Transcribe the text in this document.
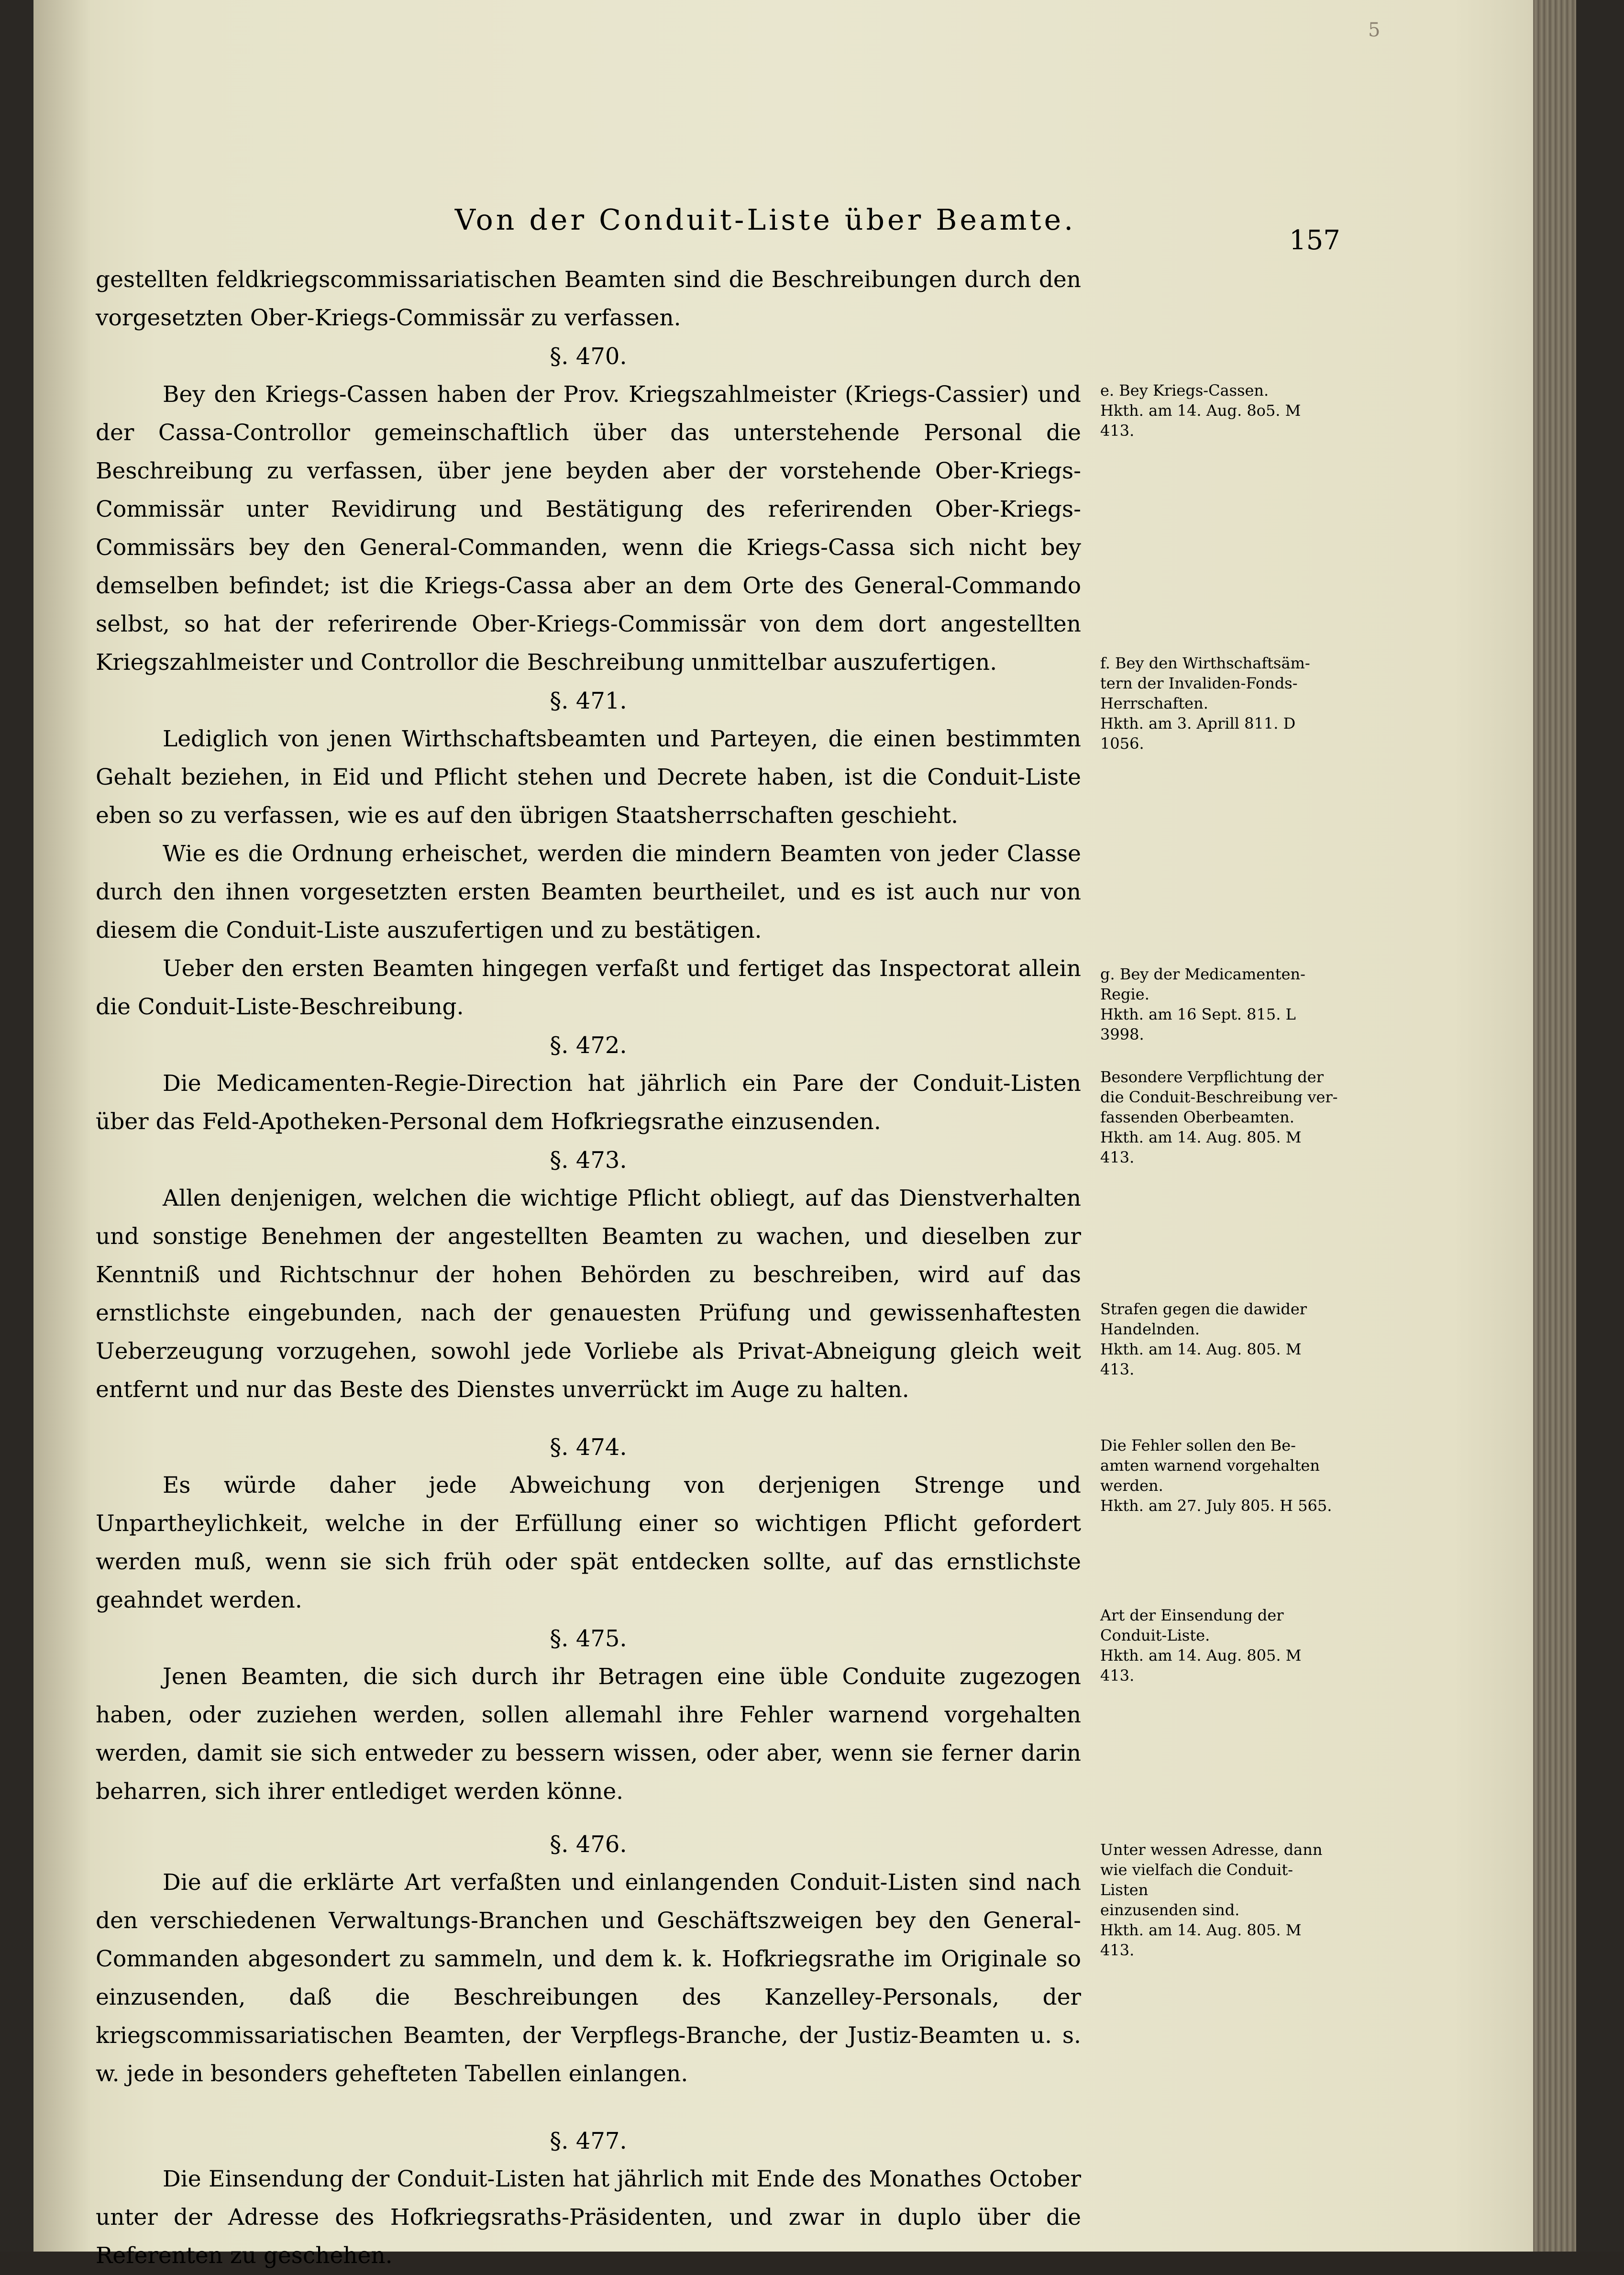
5
Von der Conduit-Liste über Beamte.
157

gestellten feldkriegscommissariatischen Beamten sind die Beschreibungen durch den vorgesetzten Ober-Kriegs-Commissär zu verfassen.

§. 470.

Bey den Kriegs-Cassen haben der Prov. Kriegszahlmeister (Kriegs-Cassier) und der Cassa-Controllor gemeinschaftlich über das unterstehende Personal die Beschreibung zu verfassen, über jene beyden aber der vorstehende Ober-Kriegs-Commissär unter Revidirung und Bestätigung des referirenden Ober-Kriegs-Commissärs bey den General-Commanden, wenn die Kriegs-Cassa sich nicht bey demselben befindet; ist die Kriegs-Cassa aber an dem Orte des General-Commando selbst, so hat der referirende Ober-Kriegs-Commissär von dem dort angestellten Kriegszahlmeister und Controllor die Beschreibung unmittelbar auszufertigen.

§. 471.

Lediglich von jenen Wirthschaftsbeamten und Parteyen, die einen bestimmten Gehalt beziehen, in Eid und Pflicht stehen und Decrete haben, ist die Conduit-Liste eben so zu verfassen, wie es auf den übrigen Staatsherrschaften geschieht.

Wie es die Ordnung erheischet, werden die mindern Beamten von jeder Classe durch den ihnen vorgesetzten ersten Beamten beurtheilet, und es ist auch nur von diesem die Conduit-Liste auszufertigen und zu bestätigen.

Ueber den ersten Beamten hingegen verfaßt und fertiget das Inspectorat allein die Conduit-Liste-Beschreibung.

§. 472.

Die Medicamenten-Regie-Direction hat jährlich ein Pare der Conduit-Listen über das Feld-Apotheken-Personal dem Hofkriegsrathe einzusenden.

§. 473.

Allen denjenigen, welchen die wichtige Pflicht obliegt, auf das Dienstverhalten und sonstige Benehmen der angestellten Beamten zu wachen, und dieselben zur Kenntniß und Richtschnur der hohen Behörden zu beschreiben, wird auf das ernstlichste eingebunden, nach der genauesten Prüfung und gewissenhaftesten Ueberzeugung vorzugehen, sowohl jede Vorliebe als Privat-Abneigung gleich weit entfernt und nur das Beste des Dienstes unverrückt im Auge zu halten.

§. 474.

Es würde daher jede Abweichung von derjenigen Strenge und Unpartheylichkeit, welche in der Erfüllung einer so wichtigen Pflicht gefordert werden muß, wenn sie sich früh oder spät entdecken sollte, auf das ernstlichste geahndet werden.

§. 475.

Jenen Beamten, die sich durch ihr Betragen eine üble Conduite zugezogen haben, oder zuziehen werden, sollen allemahl ihre Fehler warnend vorgehalten werden, damit sie sich entweder zu bessern wissen, oder aber, wenn sie ferner darin beharren, sich ihrer entlediget werden könne.

§. 476.

Die auf die erklärte Art verfaßten und einlangenden Conduit-Listen sind nach den verschiedenen Verwaltungs-Branchen und Geschäftszweigen bey den General-Commanden abgesondert zu sammeln, und dem k. k. Hofkriegsrathe im Originale so einzusenden, daß die Beschreibungen des Kanzelley-Personals, der kriegscommissariatischen Beamten, der Verpflegs-Branche, der Justiz-Beamten u. s. w. jede in besonders gehefteten Tabellen einlangen.

§. 477.

Die Einsendung der Conduit-Listen hat jährlich mit Ende des Monathes October unter der Adresse des Hofkriegsraths-Präsidenten, und zwar in duplo über die Referenten zu geschehen.

e. Bey Kriegs-Cassen.
Hkth. am 14. Aug. 8o5. M 413.
f. Bey den Wirthschaftsäm-
tern der Invaliden-Fonds-
Herrschaften.
Hkth. am 3. Aprill 811. D 1056.
g. Bey der Medicamenten-
Regie.
Hkth. am 16 Sept. 815. L 3998.
Besondere Verpflichtung der
die Conduit-Beschreibung ver-
fassenden Oberbeamten.
Hkth. am 14. Aug. 805. M 413.
Strafen gegen die dawider
Handelnden.
Hkth. am 14. Aug. 805. M 413.
Die Fehler sollen den Be-
amten warnend vorgehalten
werden.
Hkth. am 27. July 805. H 565.
Art der Einsendung der
Conduit-Liste.
Hkth. am 14. Aug. 805. M 413.
Unter wessen Adresse, dann
wie vielfach die Conduit-Listen
einzusenden sind.
Hkth. am 14. Aug. 805. M 413.
